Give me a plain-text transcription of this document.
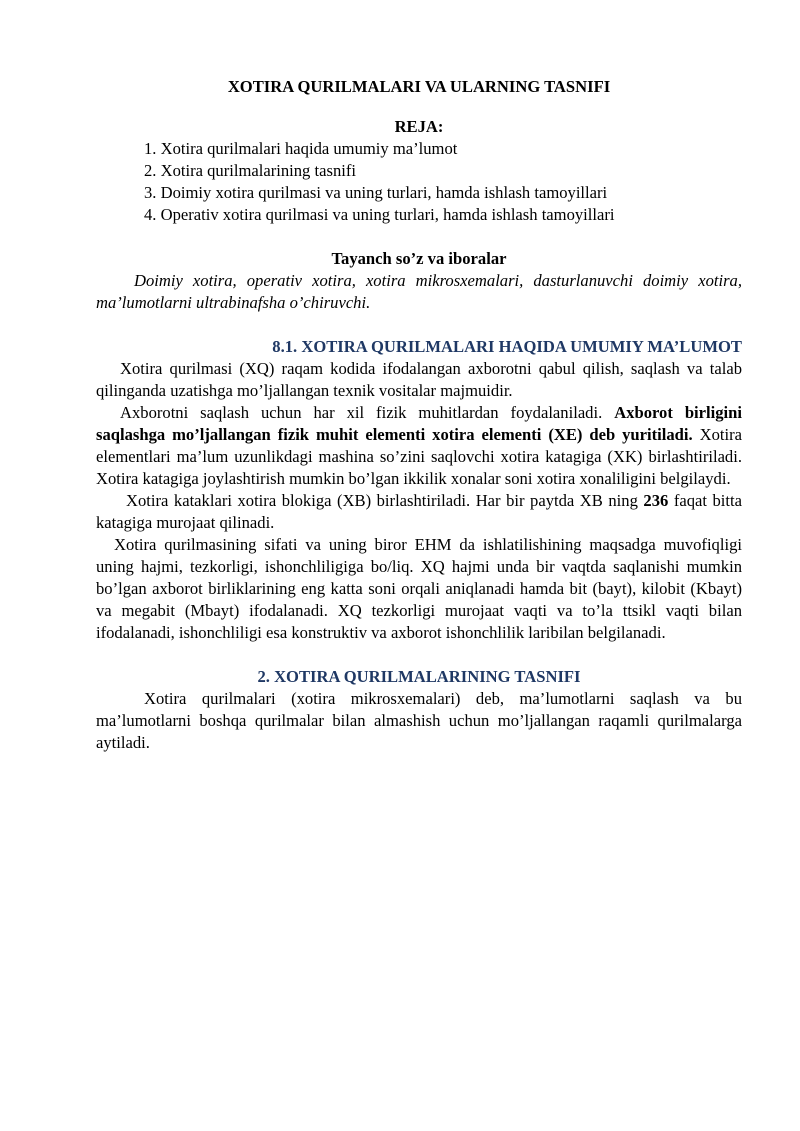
XOTIRA QURILMALARI VA ULARNING TASNIFI
REJA:
1. Xotira qurilmalari haqida umumiy ma’lumot
2. Xotira qurilmalarining tasnifi
3. Doimiy xotira qurilmasi va uning turlari, hamda ishlash tamoyillari
4. Operativ xotira qurilmasi va uning turlari, hamda ishlash tamoyillari
Tayanch so’z va iboralar

Doimiy xotira, operativ xotira, xotira mikrosxemalari, dasturlanuvchi doimiy xotira, ma’lumotlarni ultrabinafsha o’chiruvchi.

8.1. XOTIRA QURILMALARI HAQIDA UMUMIY MA’LUMOT

Xotira qurilmasi (XQ) raqam kodida ifodalangan axborotni qabul qilish, saqlash va talab qilinganda uzatishga mo’ljallangan texnik vositalar majmuidir.

Axborotni saqlash uchun har xil fizik muhitlardan foydalaniladi. Axborot birligini saqlashga mo’ljallangan fizik muhit elementi xotira elementi (XE) deb yuritiladi. Xotira elementlari ma’lum uzunlikdagi mashina so’zini saqlovchi xotira katagiga (XK) birlashtiriladi. Xotira katagiga joylashtirish mumkin bo’lgan ikkilik xonalar soni xotira xonaliligini belgilaydi.

Xotira kataklari xotira blokiga (XB) birlashtiriladi. Har bir paytda XB ning 236 faqat bitta katagiga murojaat qilinadi.

Xotira qurilmasining sifati va uning biror EHM da ishlatilishining maqsadga muvofiqligi uning hajmi, tezkorligi, ishonchliligiga bo/liq. XQ hajmi unda bir vaqtda saqlanishi mumkin bo’lgan axborot birliklarining eng katta soni orqali aniqlanadi hamda bit (bayt), kilobit (Kbayt) va megabit (Mbayt) ifodalanadi. XQ tezkorligi murojaat vaqti va to’la ttsikl vaqti bilan ifodalanadi, ishonchliligi esa konstruktiv va axborot ishonchlilik laribilan belgilanadi.

2. XOTIRA QURILMALARINING TASNIFI

Xotira qurilmalari (xotira mikrosxemalari) deb, ma’lumotlarni saqlash va bu ma’lumotlarni boshqa qurilmalar bilan almashish uchun mo’ljallangan raqamli qurilmalarga aytiladi.
